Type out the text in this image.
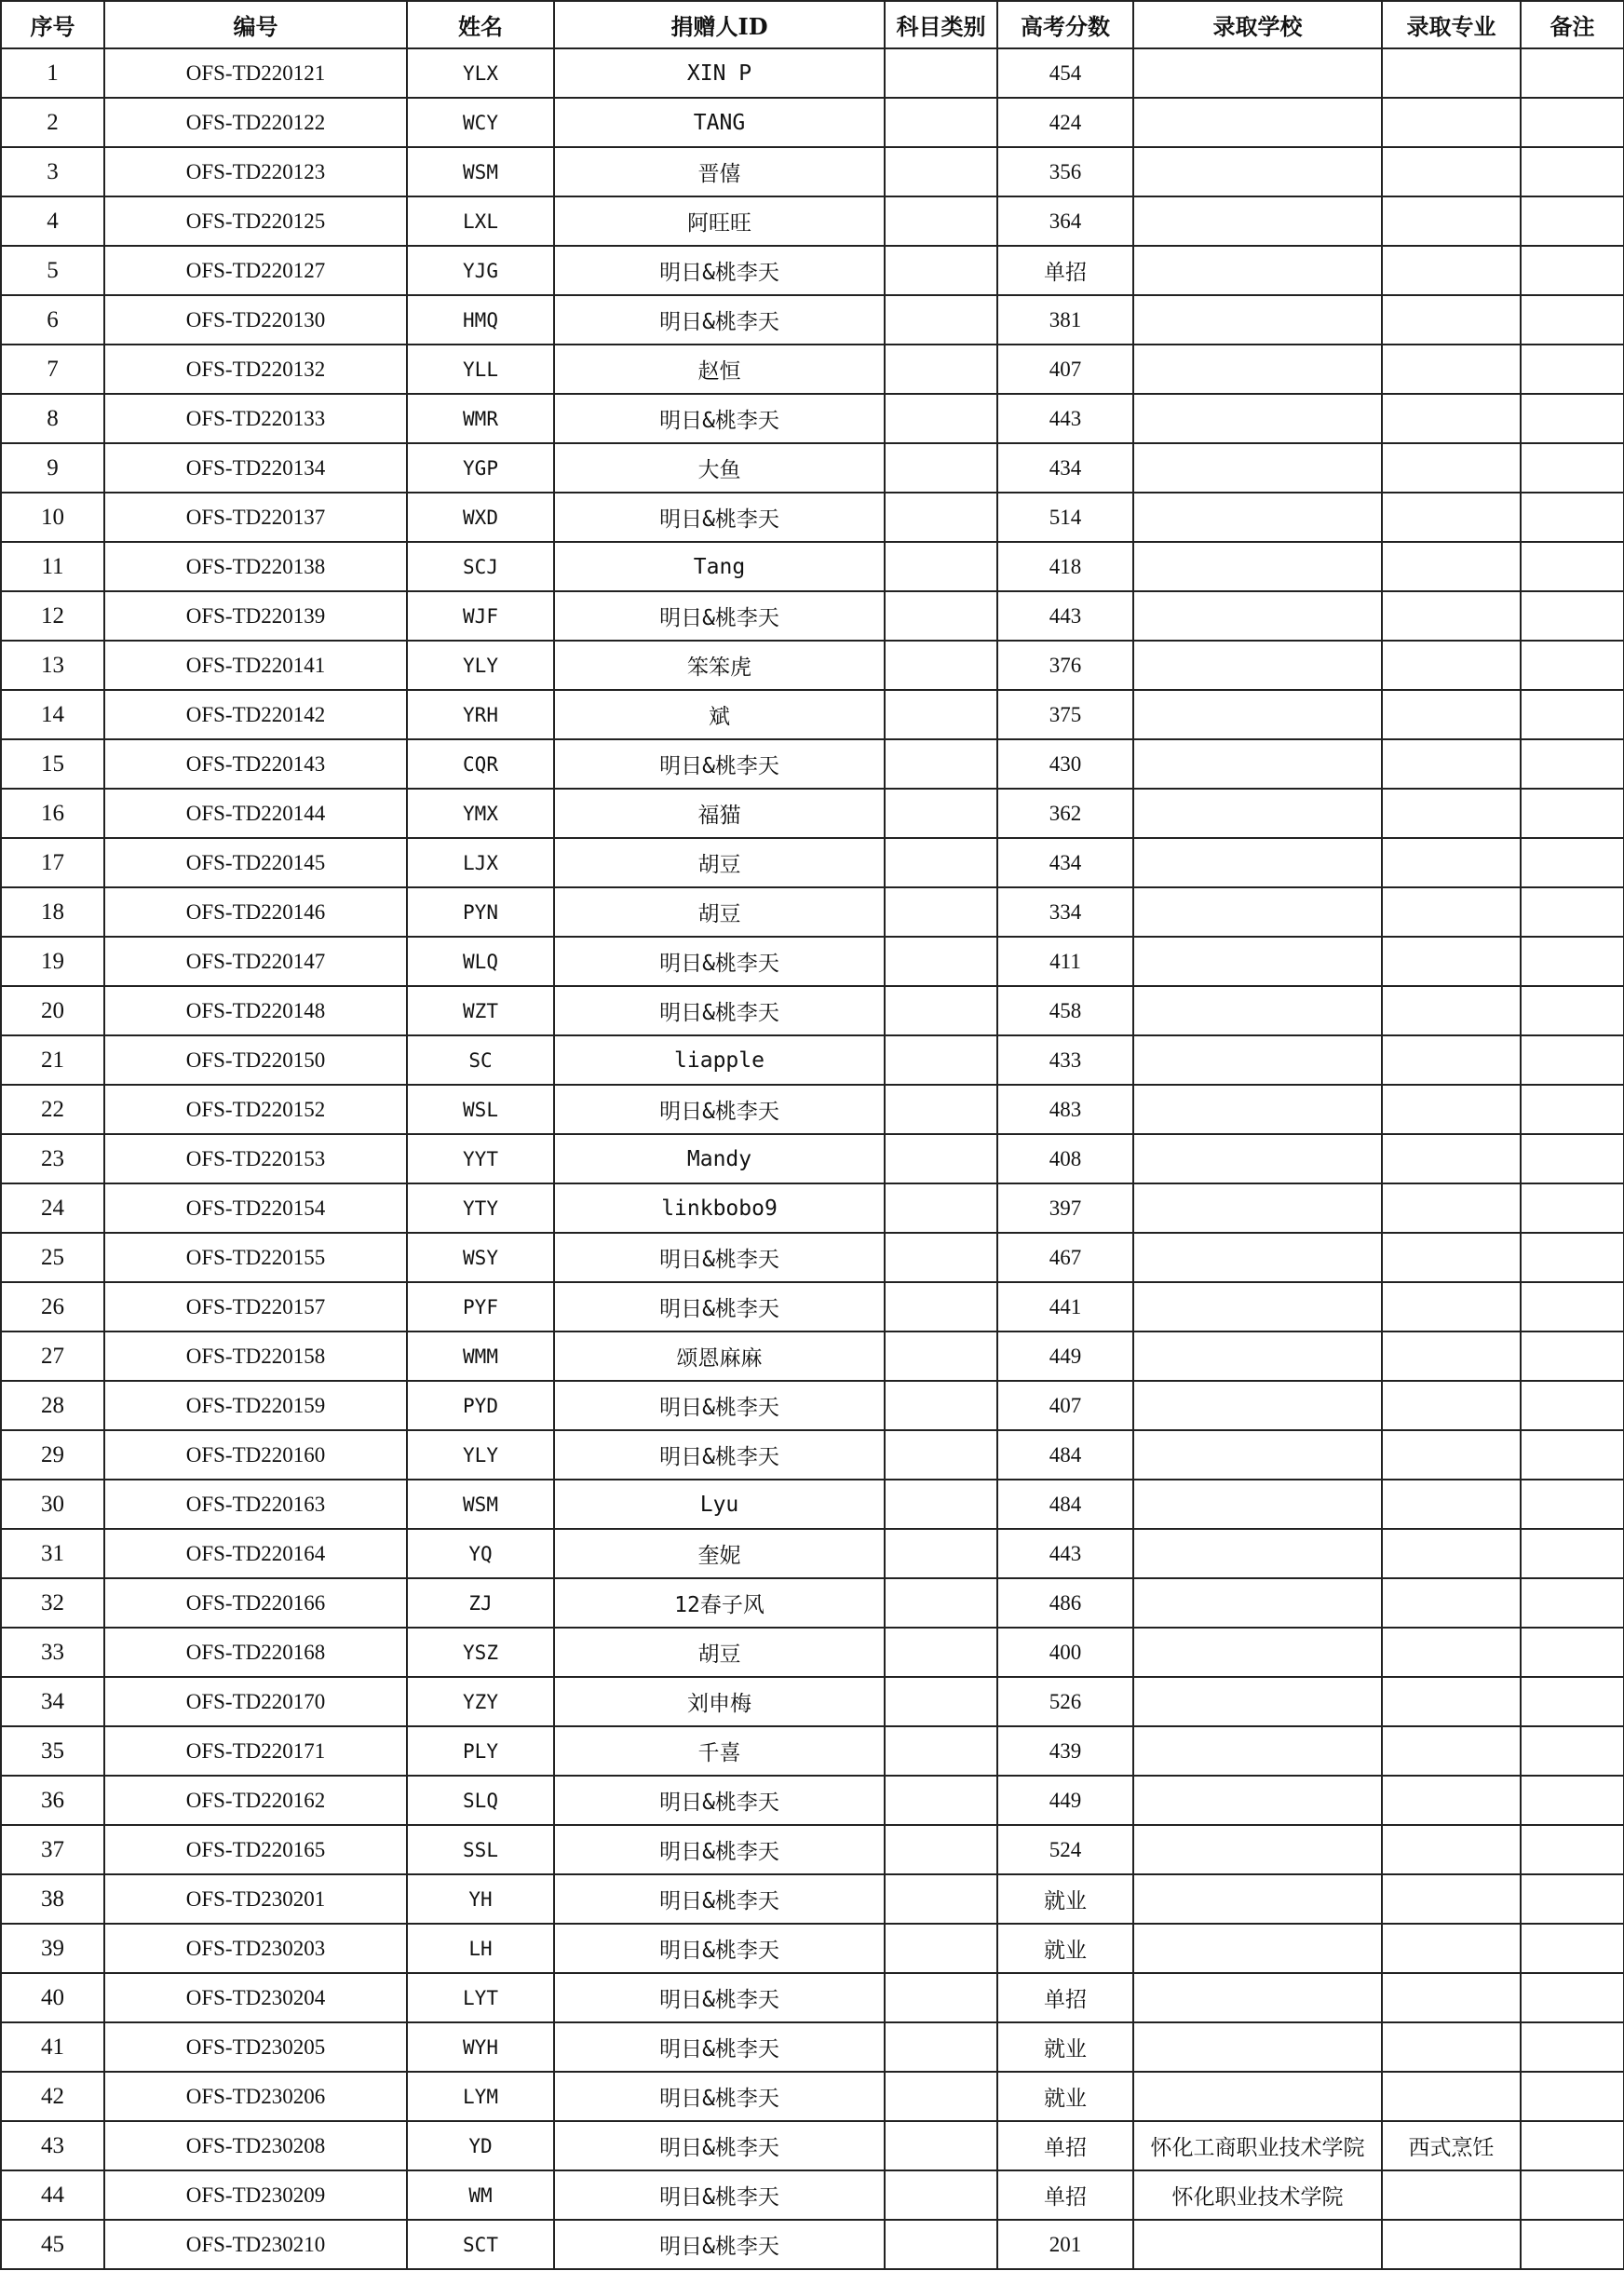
序号	编号	姓名	捐赠人ID	科目类别	高考分数	录取学校	录取专业	备注
1	OFS-TD220121	YLX	XIN P		454			
2	OFS-TD220122	WCY	TANG		424			
3	OFS-TD220123	WSM	晋僖		356			
4	OFS-TD220125	LXL	阿旺旺		364			
5	OFS-TD220127	YJG	明日&桃李天		单招			
6	OFS-TD220130	HMQ	明日&桃李天		381			
7	OFS-TD220132	YLL	赵恒		407			
8	OFS-TD220133	WMR	明日&桃李天		443			
9	OFS-TD220134	YGP	大鱼		434			
10	OFS-TD220137	WXD	明日&桃李天		514			
11	OFS-TD220138	SCJ	Tang		418			
12	OFS-TD220139	WJF	明日&桃李天		443			
13	OFS-TD220141	YLY	笨笨虎		376			
14	OFS-TD220142	YRH	斌		375			
15	OFS-TD220143	CQR	明日&桃李天		430			
16	OFS-TD220144	YMX	福猫		362			
17	OFS-TD220145	LJX	胡豆		434			
18	OFS-TD220146	PYN	胡豆		334			
19	OFS-TD220147	WLQ	明日&桃李天		411			
20	OFS-TD220148	WZT	明日&桃李天		458			
21	OFS-TD220150	SC	liapple		433			
22	OFS-TD220152	WSL	明日&桃李天		483			
23	OFS-TD220153	YYT	Mandy		408			
24	OFS-TD220154	YTY	linkbobo9		397			
25	OFS-TD220155	WSY	明日&桃李天		467			
26	OFS-TD220157	PYF	明日&桃李天		441			
27	OFS-TD220158	WMM	颂恩麻麻		449			
28	OFS-TD220159	PYD	明日&桃李天		407			
29	OFS-TD220160	YLY	明日&桃李天		484			
30	OFS-TD220163	WSM	Lyu		484			
31	OFS-TD220164	YQ	奎妮		443			
32	OFS-TD220166	ZJ	12春子风		486			
33	OFS-TD220168	YSZ	胡豆		400			
34	OFS-TD220170	YZY	刘申梅		526			
35	OFS-TD220171	PLY	千喜		439			
36	OFS-TD220162	SLQ	明日&桃李天		449			
37	OFS-TD220165	SSL	明日&桃李天		524			
38	OFS-TD230201	YH	明日&桃李天		就业			
39	OFS-TD230203	LH	明日&桃李天		就业			
40	OFS-TD230204	LYT	明日&桃李天		单招			
41	OFS-TD230205	WYH	明日&桃李天		就业			
42	OFS-TD230206	LYM	明日&桃李天		就业			
43	OFS-TD230208	YD	明日&桃李天		单招	怀化工商职业技术学院	西式烹饪	
44	OFS-TD230209	WM	明日&桃李天		单招	怀化职业技术学院		
45	OFS-TD230210	SCT	明日&桃李天		201			
